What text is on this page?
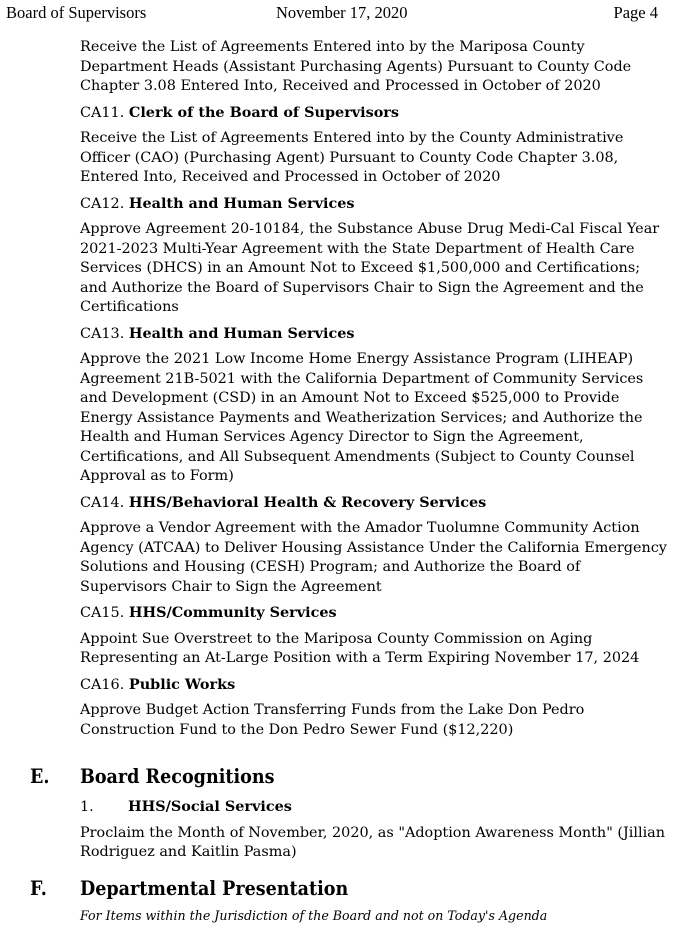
Board of Supervisors	November 17, 2020	Page 4

Receive the List of Agreements Entered into by the Mariposa County Department Heads (Assistant Purchasing Agents) Pursuant to County Code Chapter 3.08 Entered Into, Received and Processed in October of 2020

CA11. Clerk of the Board of Supervisors

Receive the List of Agreements Entered into by the County Administrative
Officer (CAO) (Purchasing Agent) Pursuant to County Code Chapter 3.08,
Entered Into, Received and Processed in October of 2020

CA12. Health and Human Services

Approve Agreement 20-10184, the Substance Abuse Drug Medi-Cal Fiscal Year
2021-2023 Multi-Year Agreement with the State Department of Health Care
Services (DHCS) in an Amount Not to Exceed $1,500,000 and Certifications;
and Authorize the Board of Supervisors Chair to Sign the Agreement and the
Certifications

CA13. Health and Human Services

Approve the 2021 Low Income Home Energy Assistance Program (LIHEAP)
Agreement 21B-5021 with the California Department of Community Services
and Development (CSD) in an Amount Not to Exceed $525,000 to Provide
Energy Assistance Payments and Weatherization Services; and Authorize the
Health and Human Services Agency Director to Sign the Agreement,
Certifications, and All Subsequent Amendments (Subject to County Counsel
Approval as to Form)

CA14. HHS/Behavioral Health & Recovery Services

Approve a Vendor Agreement with the Amador Tuolumne Community Action
Agency (ATCAA) to Deliver Housing Assistance Under the California Emergency
Solutions and Housing (CESH) Program; and Authorize the Board of
Supervisors Chair to Sign the Agreement

CA15. HHS/Community Services

Appoint Sue Overstreet to the Mariposa County Commission on Aging
Representing an At-Large Position with a Term Expiring November 17, 2024

CA16. Public Works

Approve Budget Action Transferring Funds from the Lake Don Pedro
Construction Fund to the Don Pedro Sewer Fund ($12,220)

E. Board Recognitions

1. HHS/Social Services

Proclaim the Month of November, 2020, as "Adoption Awareness Month" (Jillian
Rodriguez and Kaitlin Pasma)

F. Departmental Presentation

For Items within the Jurisdiction of the Board and not on Today's Agenda
